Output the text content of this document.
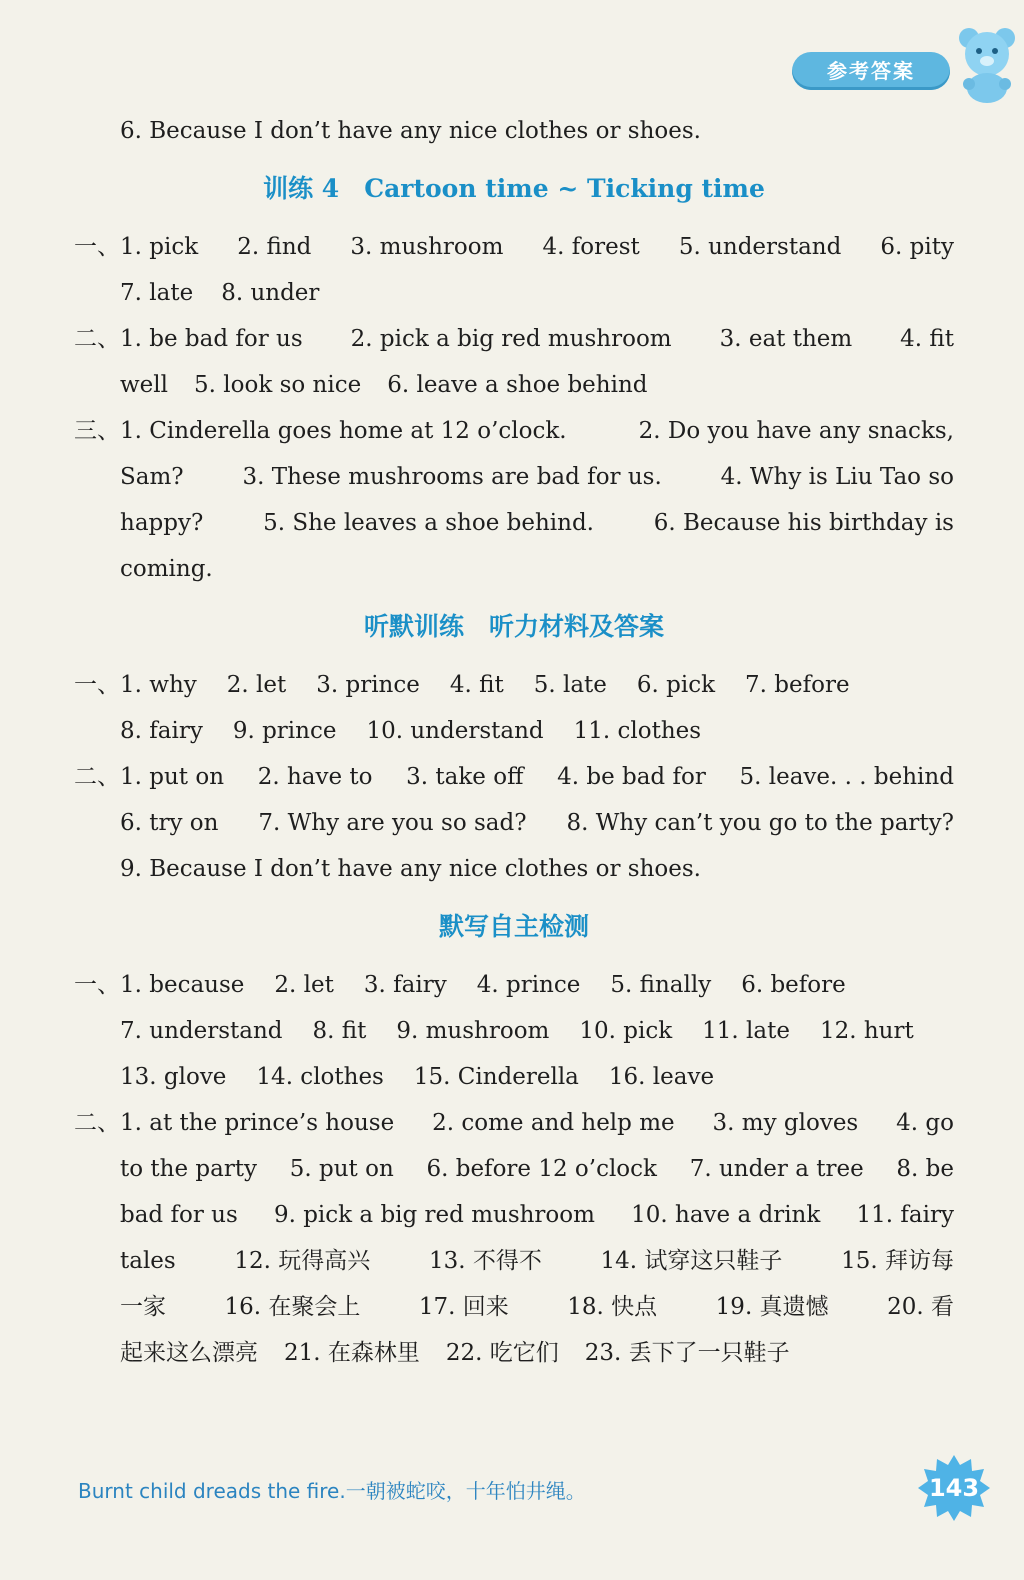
参考答案
6. Because I don’t have any nice clothes or shoes.
训练 4　Cartoon time ~ Ticking time
一、 1. pick 2. find 3. mushroom 4. forest 5. understand 6. pity
7. late 8. under
二、 1. be bad for us 2. pick a big red mushroom 3. eat them 4. fit
well 5. look so nice 6. leave a shoe behind
三、 1. Cinderella goes home at 12 o’clock.	2. Do you have any snacks,
Sam?	3. These mushrooms are bad for us.	4. Why is Liu Tao so
happy?	5. She leaves a shoe behind.	6. Because his birthday is
coming.
听默训练　听力材料及答案
一、 1. why 2. let 3. prince 4. fit 5. late 6. pick 7. before
8. fairy 9. prince 10. understand 11. clothes
二、 1. put on 2. have to 3. take off 4. be bad for 5. leave. . . behind
6. try on 7. Why are you so sad? 8. Why can’t you go to the party?
9. Because I don’t have any nice clothes or shoes.
默写自主检测
一、 1. because 2. let 3. fairy 4. prince 5. finally 6. before
7. understand 8. fit 9. mushroom 10. pick 11. late 12. hurt
13. glove 14. clothes 15. Cinderella 16. leave
二、 1. at the prince’s house 2. come and help me 3. my gloves 4. go
to the party 5. put on 6. before 12 o’clock 7. under a tree 8. be
bad for us 9. pick a big red mushroom 10. have a drink 11. fairy
tales	12. 玩得高兴	13. 不得不	14. 试穿这只鞋子	15. 拜访每
一家	16. 在聚会上	17. 回来	18. 快点	19. 真遗憾	20. 看
起来这么漂亮 21. 在森林里 22. 吃它们 23. 丢下了一只鞋子
Burnt child dreads the fire.一朝被蛇咬，十年怕井绳。	143
